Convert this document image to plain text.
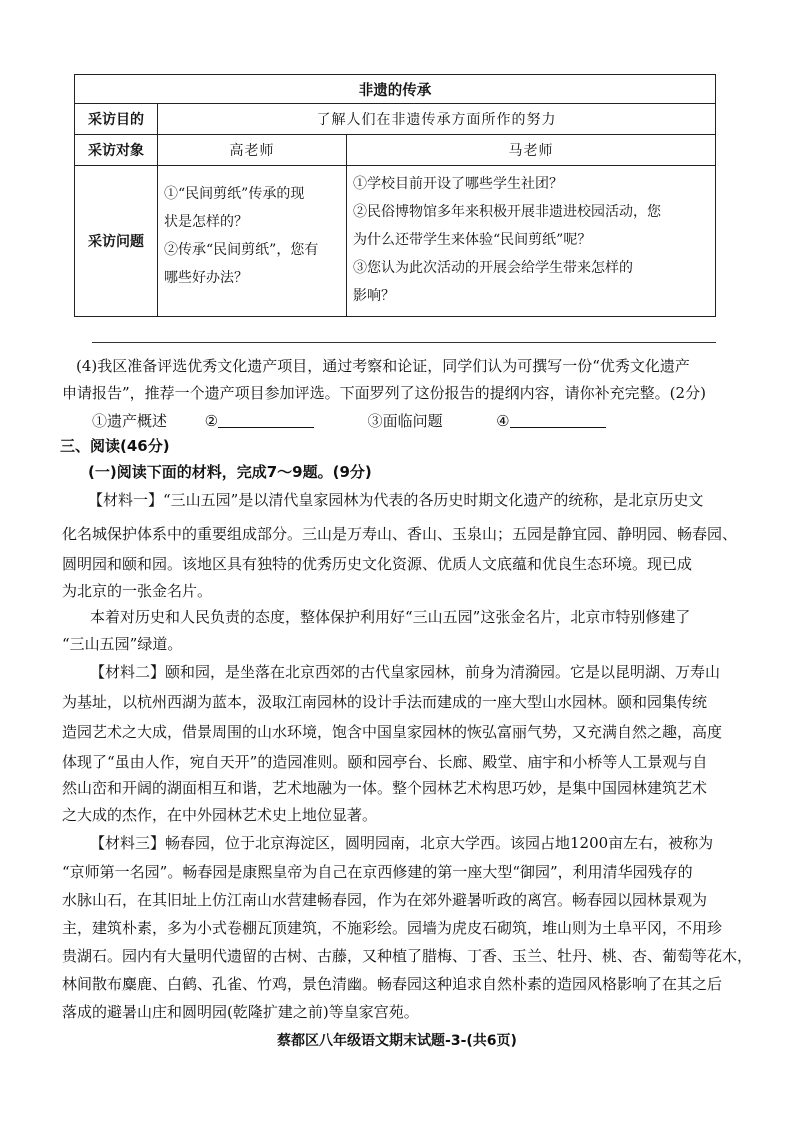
非遗的传承		
采访目的	了解人们在非遗传承方面所作的努力	
采访对象	高老师	马老师
采访问题	①“民间剪纸”传承的现
状是怎样的？
②传承“民间剪纸”，您有
哪些好办法？	①学校目前开设了哪些学生社团？
②民俗博物馆多年来积极开展非遗进校园活动，您
为什么还带学生来体验“民间剪纸”呢？
③您认为此次活动的开展会给学生带来怎样的
影响？
(4)我区准备评选优秀文化遗产项目，通过考察和论证，同学们认为可撰写一份“优秀文化遗产
申请报告”，推荐一个遗产项目参加评选。下面罗列了这份报告的提纲内容，请你补充完整。(2分)
①遗产概述	②	③面临问题	④
三、阅读(46分)
(一)阅读下面的材料，完成7～9题。(9分)
【材料一】“三山五园”是以清代皇家园林为代表的各历史时期文化遗产的统称，是北京历史文
化名城保护体系中的重要组成部分。三山是万寿山、香山、玉泉山；五园是静宜园、静明园、畅春园、
圆明园和颐和园。该地区具有独特的优秀历史文化资源、优质人文底蕴和优良生态环境。现已成
为北京的一张金名片。
本着对历史和人民负责的态度，整体保护利用好“三山五园”这张金名片，北京市特别修建了
“三山五园”绿道。
【材料二】颐和园，是坐落在北京西郊的古代皇家园林，前身为清漪园。它是以昆明湖、万寿山
为基址，以杭州西湖为蓝本，汲取江南园林的设计手法而建成的一座大型山水园林。颐和园集传统
造园艺术之大成，借景周围的山水环境，饱含中国皇家园林的恢弘富丽气势，又充满自然之趣，高度
体现了“虽由人作，宛自天开”的造园准则。颐和园亭台、长廊、殿堂、庙宇和小桥等人工景观与自
然山峦和开阔的湖面相互和谐，艺术地融为一体。整个园林艺术构思巧妙，是集中国园林建筑艺术
之大成的杰作，在中外园林艺术史上地位显著。
【材料三】畅春园，位于北京海淀区，圆明园南，北京大学西。该园占地1200亩左右，被称为
“京师第一名园”。畅春园是康熙皇帝为自己在京西修建的第一座大型“御园”，利用清华园残存的
水脉山石，在其旧址上仿江南山水营建畅春园，作为在郊外避暑听政的离宫。畅春园以园林景观为
主，建筑朴素，多为小式卷棚瓦顶建筑，不施彩绘。园墙为虎皮石砌筑，堆山则为土阜平冈，不用珍
贵湖石。园内有大量明代遗留的古树、古藤，又种植了腊梅、丁香、玉兰、牡丹、桃、杏、葡萄等花木，
林间散布麋鹿、白鹤、孔雀、竹鸡，景色清幽。畅春园这种追求自然朴素的造园风格影响了在其之后
落成的避暑山庄和圆明园(乾隆扩建之前)等皇家宫苑。
蔡都区八年级语文期末试题-3-(共6页)
